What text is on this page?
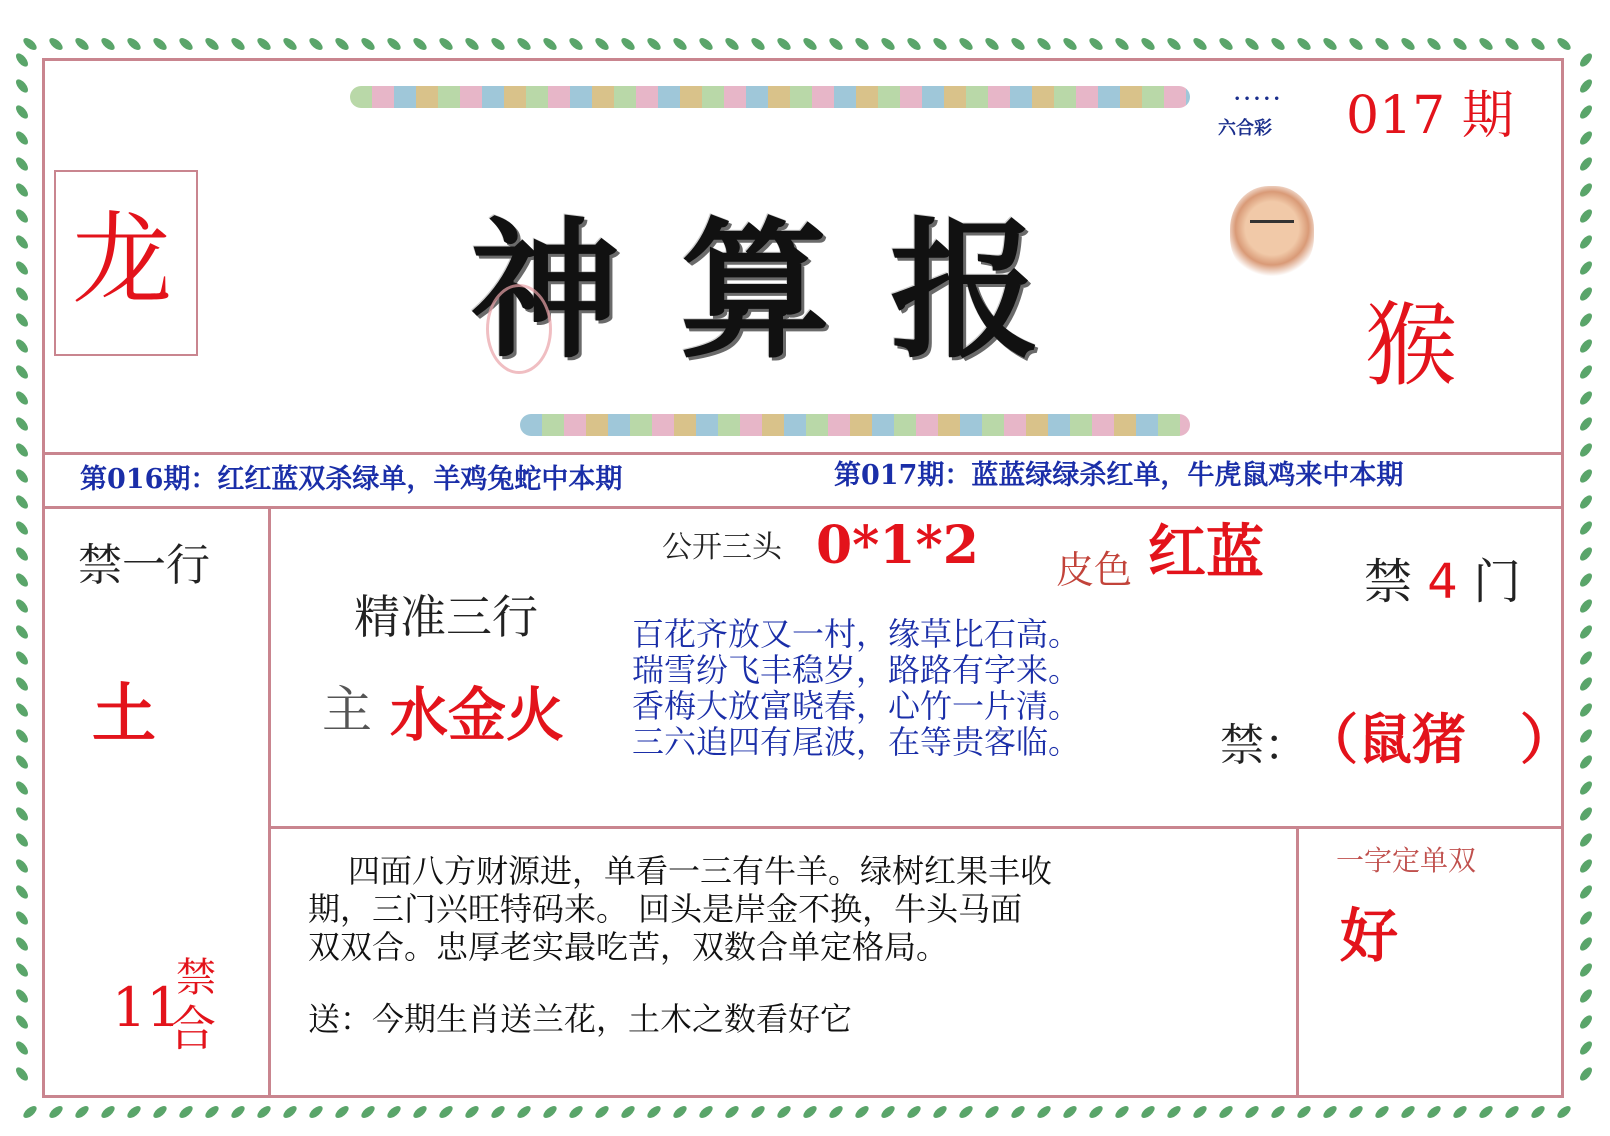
龙 神算报
• • • • •
六合彩 017 期
猴
第016期：红红蓝双杀绿单，羊鸡兔蛇中本期	第017期：蓝蓝绿绿杀红单，牛虎鼠鸡来中本期
禁一行
土
11
禁
合
公开三头 0*1*2 皮色 红蓝 禁 4 门
精准三行
主 水金火
百花齐放又一村，缘草比石高。
瑞雪纷飞丰稳岁，路路有字来。
香梅大放富晓春，心竹一片清。
三六追四有尾波，在等贵客临。	禁：
（鼠猪　）
四面八方财源进，单看一三有牛羊。绿树红果丰收
期，三门兴旺特码来。 回头是岸金不换，牛头马面
双双合。忠厚老实最吃苦，双数合单定格局。
送：今期生肖送兰花，土木之数看好它
一字定单双
好
